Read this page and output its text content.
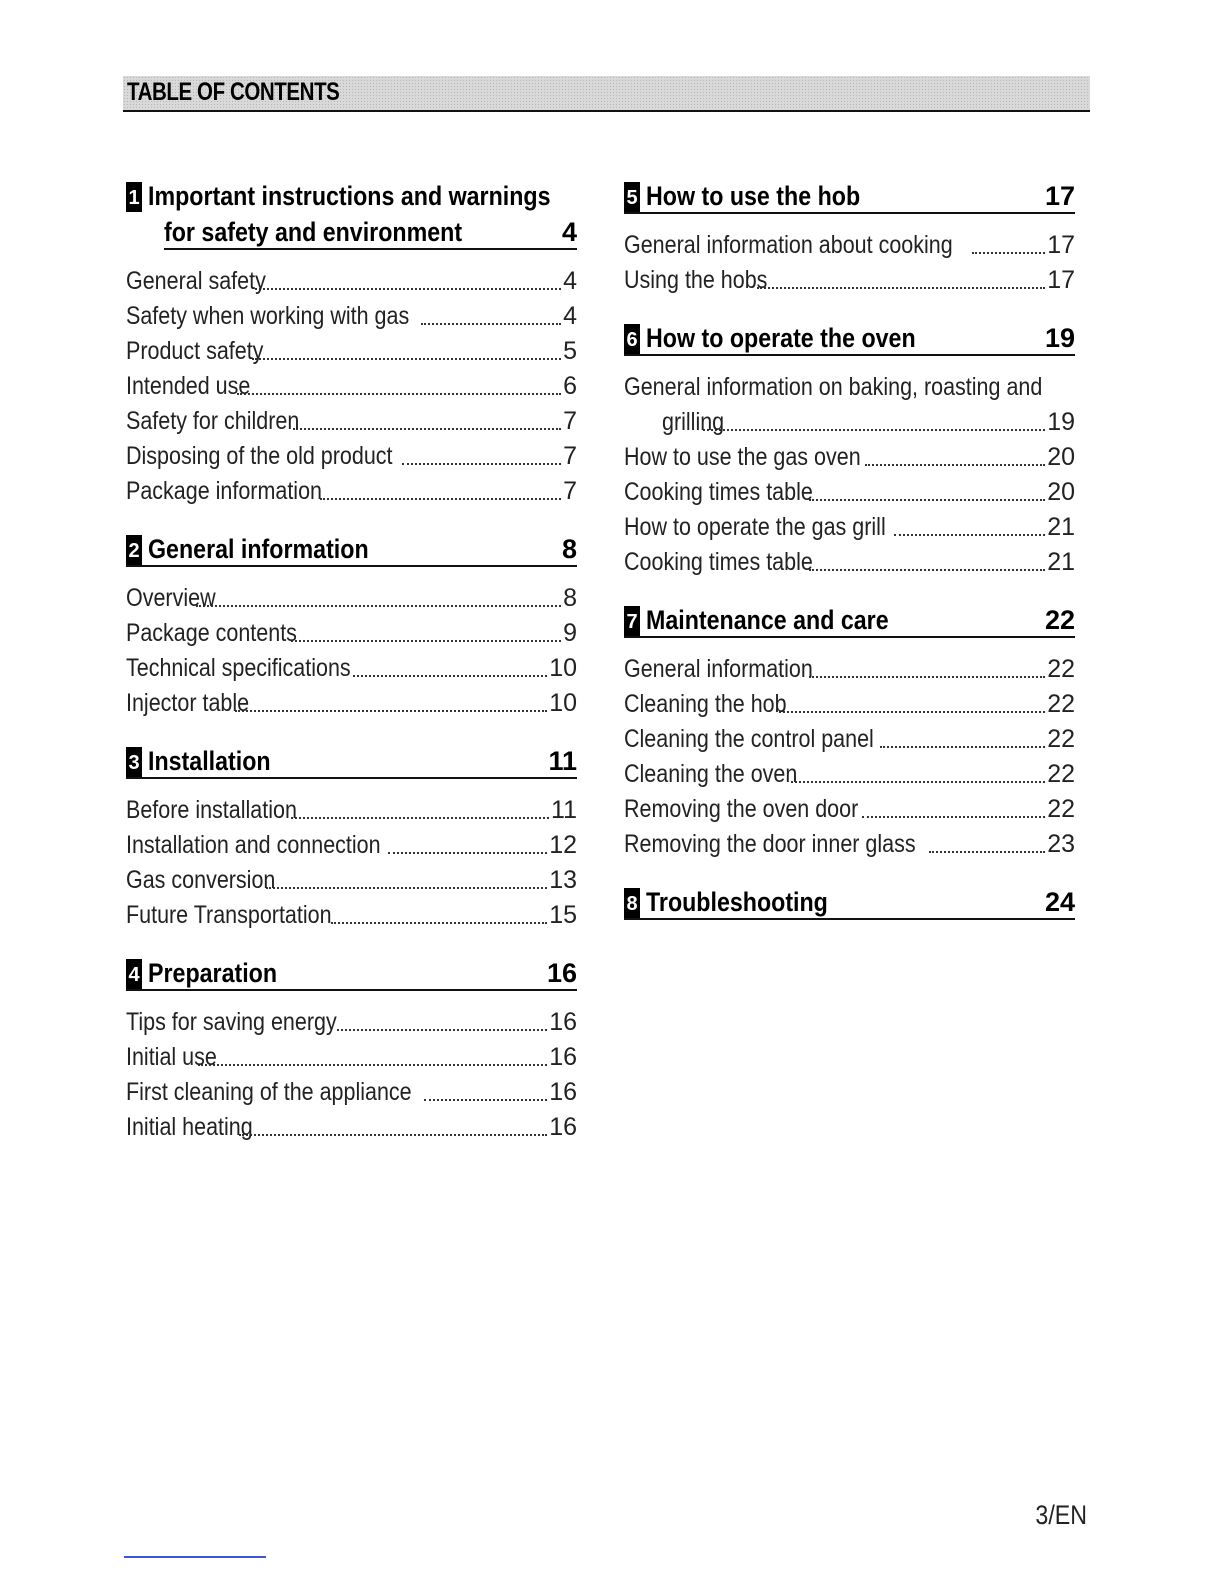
TABLE OF CONTENTS
1 Important instructions and warnings
for safety and environment	4
General safety	4
Safety when working with gas	4
Product safety	5
Intended use	6
Safety for children	7
Disposing of the old product	7
Package information	7
2 General information	8
Overview	8
Package contents	9
Technical specifications	10
Injector table	10
3 Installation	11
Before installation	11
Installation and connection	12
Gas conversion	13
Future Transportation	15
4 Preparation	16
Tips for saving energy	16
Initial use	16
First cleaning of the appliance	16
Initial heating	16
5 How to use the hob	17
General information about cooking	17
Using the hobs	17
6 How to operate the oven	19
General information on baking, roasting and
grilling	19
How to use the gas oven	20
Cooking times table	20
How to operate the gas grill	21
Cooking times table	21
7 Maintenance and care	22
General information	22
Cleaning the hob	22
Cleaning the control panel	22
Cleaning the oven	22
Removing the oven door	22
Removing the door inner glass	23
8 Troubleshooting	24
3/EN
